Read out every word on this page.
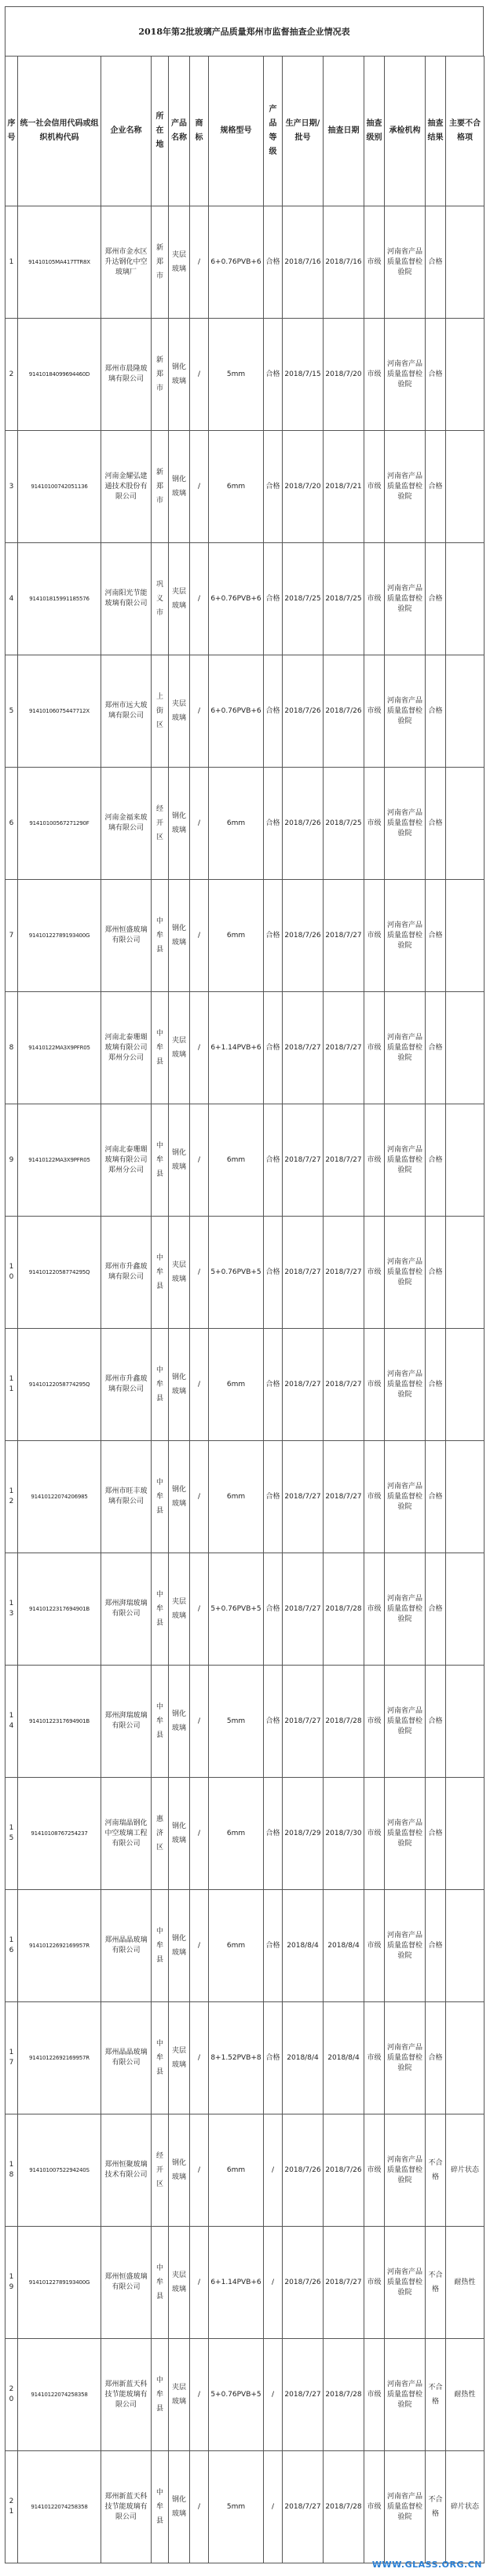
2018年第2批玻璃产品质量郑州市监督抽查企业情况表
序号	统一社会信用代码或组织机构代码	企业名称	所在地	产品名称	商标	规格型号	产品等级	生产日期/批号	抽查日期	抽查级别	承检机构	抽查结果	主要不合格项
1	91410105MA417TTR8X	郑州市金水区升达钢化中空玻璃厂	新郑市	夹层玻璃	/	6+0.76PVB+6	合格	2018/7/16	2018/7/16	市级	河南省产品质量监督检验院	合格	
2	91410184099694460D	郑州市晨隆玻璃有限公司	新郑市	钢化玻璃	/	5mm	合格	2018/7/15	2018/7/20	市级	河南省产品质量监督检验院	合格	
3	91410100742051136	河南金耀弘建通技术股份有限公司	新郑市	钢化玻璃	/	6mm	合格	2018/7/20	2018/7/21	市级	河南省产品质量监督检验院	合格	
4	914101815991185576	河南阳光节能玻璃有限公司	巩义市	夹层玻璃	/	6+0.76PVB+6	合格	2018/7/25	2018/7/25	市级	河南省产品质量监督检验院	合格	
5	91410106075447712X	郑州市远大玻璃有限公司	上街区	夹层玻璃	/	6+0.76PVB+6	合格	2018/7/26	2018/7/26	市级	河南省产品质量监督检验院	合格	
6	91410100567271290F	河南金福来玻璃有限公司	经开区	钢化玻璃	/	6mm	合格	2018/7/26	2018/7/25	市级	河南省产品质量监督检验院	合格	
7	91410122789193400G	郑州恒盛玻璃有限公司	中牟县	钢化玻璃	/	6mm	合格	2018/7/26	2018/7/27	市级	河南省产品质量监督检验院	合格	
8	91410122MA3X9PFR05	河南北泰珊瑚玻璃有限公司郑州分公司	中牟县	夹层玻璃	/	6+1.14PVB+6	合格	2018/7/27	2018/7/27	市级	河南省产品质量监督检验院	合格	
9	91410122MA3X9PFR05	河南北泰珊瑚玻璃有限公司郑州分公司	中牟县	钢化玻璃	/	6mm	合格	2018/7/27	2018/7/27	市级	河南省产品质量监督检验院	合格	
10	91410122058774295Q	郑州市升鑫玻璃有限公司	中牟县	夹层玻璃	/	5+0.76PVB+5	合格	2018/7/27	2018/7/27	市级	河南省产品质量监督检验院	合格	
11	91410122058774295Q	郑州市升鑫玻璃有限公司	中牟县	钢化玻璃	/	6mm	合格	2018/7/27	2018/7/27	市级	河南省产品质量监督检验院	合格	
12	91410122074206985	郑州市旺丰玻璃有限公司	中牟县	钢化玻璃	/	6mm	合格	2018/7/27	2018/7/27	市级	河南省产品质量监督检验院	合格	
13	91410122317694901B	郑州湃瑞玻璃有限公司	中牟县	夹层玻璃	/	5+0.76PVB+5	合格	2018/7/27	2018/7/28	市级	河南省产品质量监督检验院	合格	
14	91410122317694901B	郑州湃瑞玻璃有限公司	中牟县	钢化玻璃	/	5mm	合格	2018/7/27	2018/7/28	市级	河南省产品质量监督检验院	合格	
15	91410108767254237	河南瑞晶钢化中空玻璃工程有限公司	惠济区	钢化玻璃	/	6mm	合格	2018/7/29	2018/7/30	市级	河南省产品质量监督检验院	合格	
16	91410122692169957R	郑州晶晶玻璃有限公司	中牟县	钢化玻璃	/	6mm	合格	2018/8/4	2018/8/4	市级	河南省产品质量监督检验院	合格	
17	91410122692169957R	郑州晶晶玻璃有限公司	中牟县	夹层玻璃	/	8+1.52PVB+8	合格	2018/8/4	2018/8/4	市级	河南省产品质量监督检验院	合格	
18	91410100752294240S	郑州恒聚玻璃技术有限公司	经开区	钢化玻璃	/	6mm	/	2018/7/26	2018/7/26	市级	河南省产品质量监督检验院	不合格	碎片状态
19	91410122789193400G	郑州恒盛玻璃有限公司	中牟县	夹层玻璃	/	6+1.14PVB+6	/	2018/7/26	2018/7/27	市级	河南省产品质量监督检验院	不合格	耐热性
20	91410122074258358	郑州新蓝天科技节能玻璃有限公司	中牟县	夹层玻璃	/	5+0.76PVB+5	/	2018/7/27	2018/7/28	市级	河南省产品质量监督检验院	不合格	耐热性
21	91410122074258358	郑州新蓝天科技节能玻璃有限公司	中牟县	钢化玻璃	/	5mm	/	2018/7/27	2018/7/28	市级	河南省产品质量监督检验院	不合格	碎片状态
WWW.GLASS.ORG.CN
